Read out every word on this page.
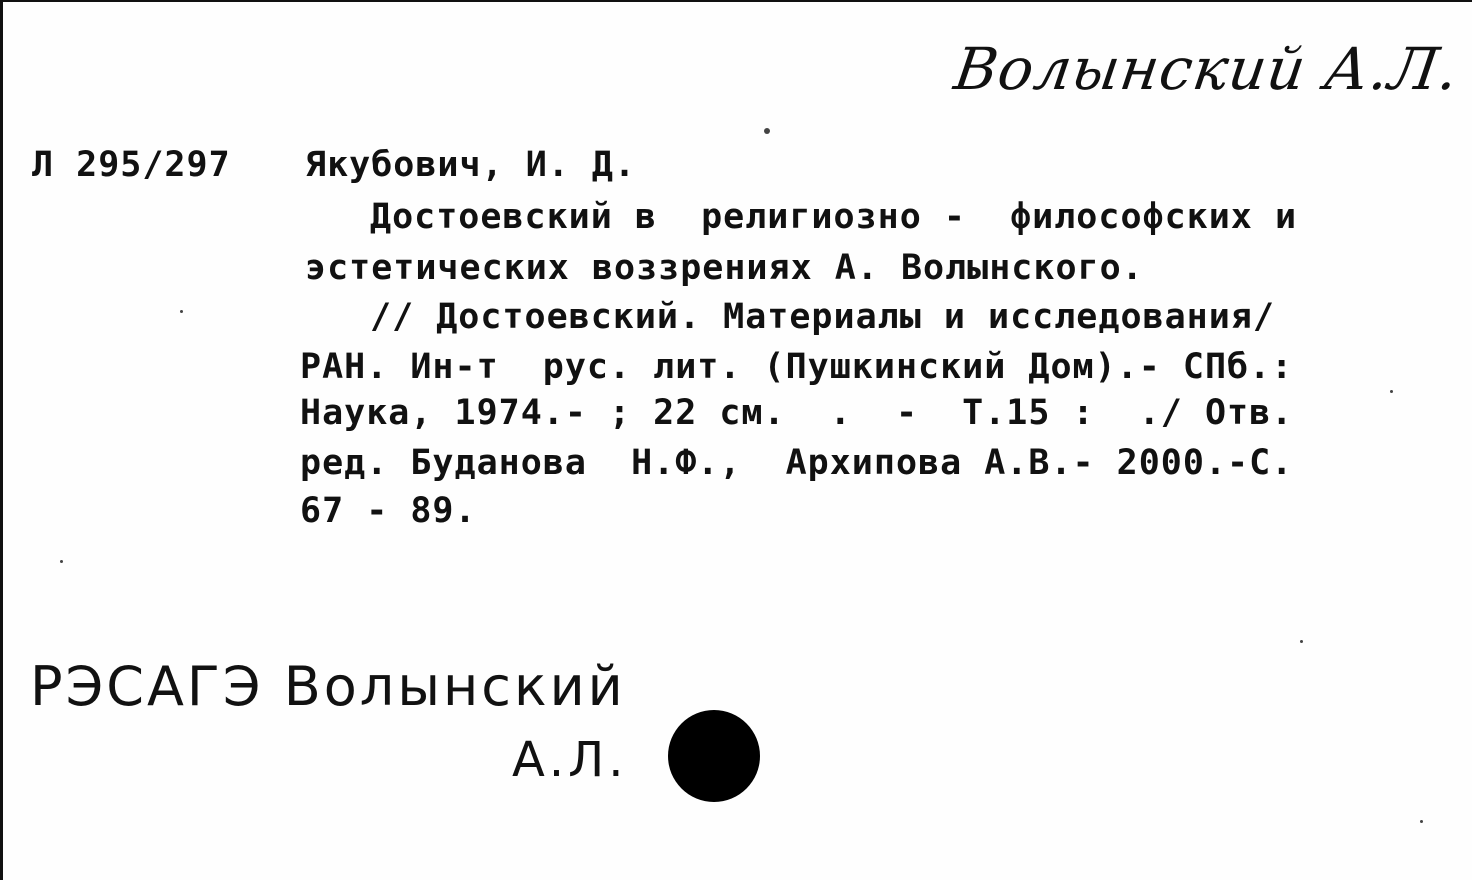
Волынский А.Л.
Л 295/297 Якубович, И. Д.
Достоевский в  религиозно -  философских и
эстетических воззрениях А. Волынского.
// Достоевский. Материалы и исследования/
РАН. Ин-т  рус. лит. (Пушкинский Дом).- СПб.:
Наука, 1974.- ; 22 см.  .  -  Т.15 :  ./ Отв.
ред. Буданова  Н.Ф.,  Архипова А.В.- 2000.-С.
67 - 89.
РЭСАГЭ Волынский
А.Л.
